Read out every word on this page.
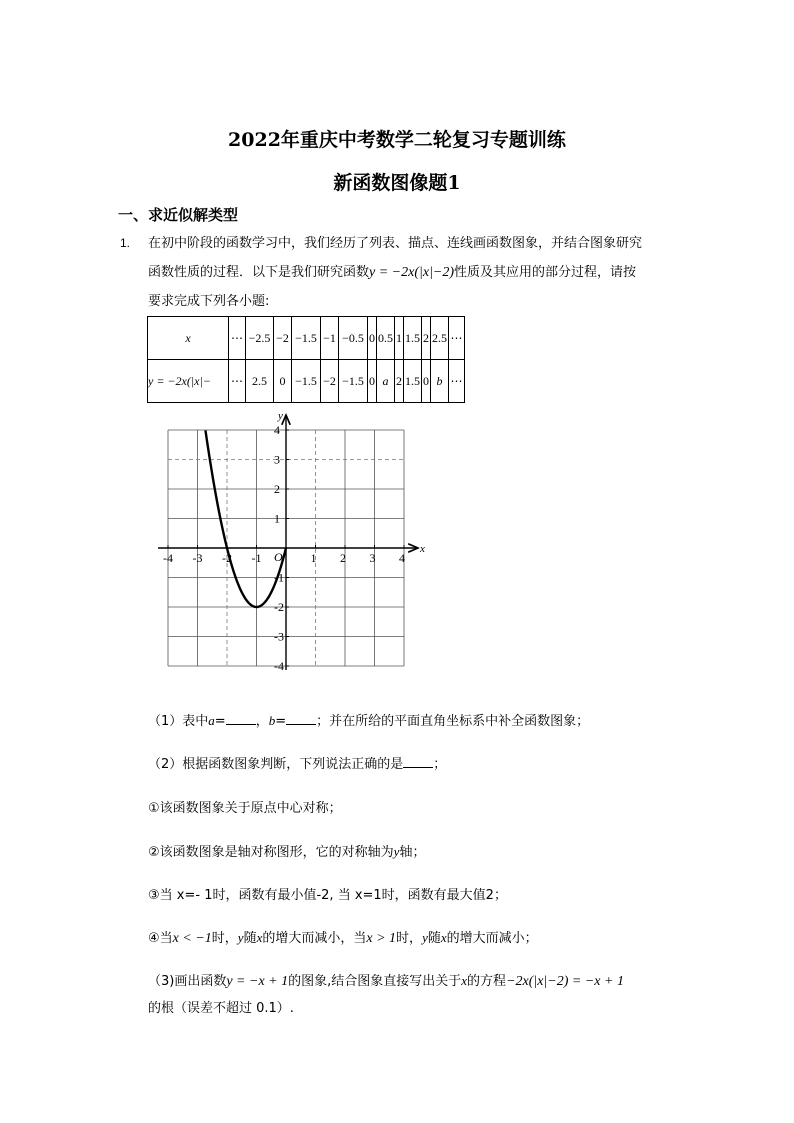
2022年重庆中考数学二轮复习专题训练
新函数图像题1
一、求近似解类型
1. 在初中阶段的函数学习中，我们经历了列表、描点、连线画函数图象，并结合图象研究
函数性质的过程．以下是我们研究函数y = −2x(|x|−2)性质及其应用的部分过程，请按
要求完成下列各小题:
x	⋯	−2.5	−2	−1.5	−1	−0.5	0	0.5	1	1.5	2	2.5	⋯
y = −2x(|x|−	⋯	2.5	0	−1.5	−2	−1.5	0	a	2	1.5	0	b	⋯
-4 -3 -2 -1	1 2 3 4
4
3
2
1
-1
-2
-3
-4
O
x
y
（1）表中a= ，b= ；并在所给的平面直角坐标系中补全函数图象；
（2）根据函数图象判断，下列说法正确的是 ；
①该函数图象关于原点中心对称；
②该函数图象是轴对称图形，它的对称轴为y轴；
③当 x=- 1时，函数有最小值-2, 当 x=1时，函数有最大值2；
④当x < −1时，y随x的增大而减小，当x > 1时，y随x的增大而减小；
（3)画出函数y = −x + 1的图象,结合图象直接写出关于x的方程−2x(|x|−2) = −x + 1
的根（误差不超过 0.1）.
